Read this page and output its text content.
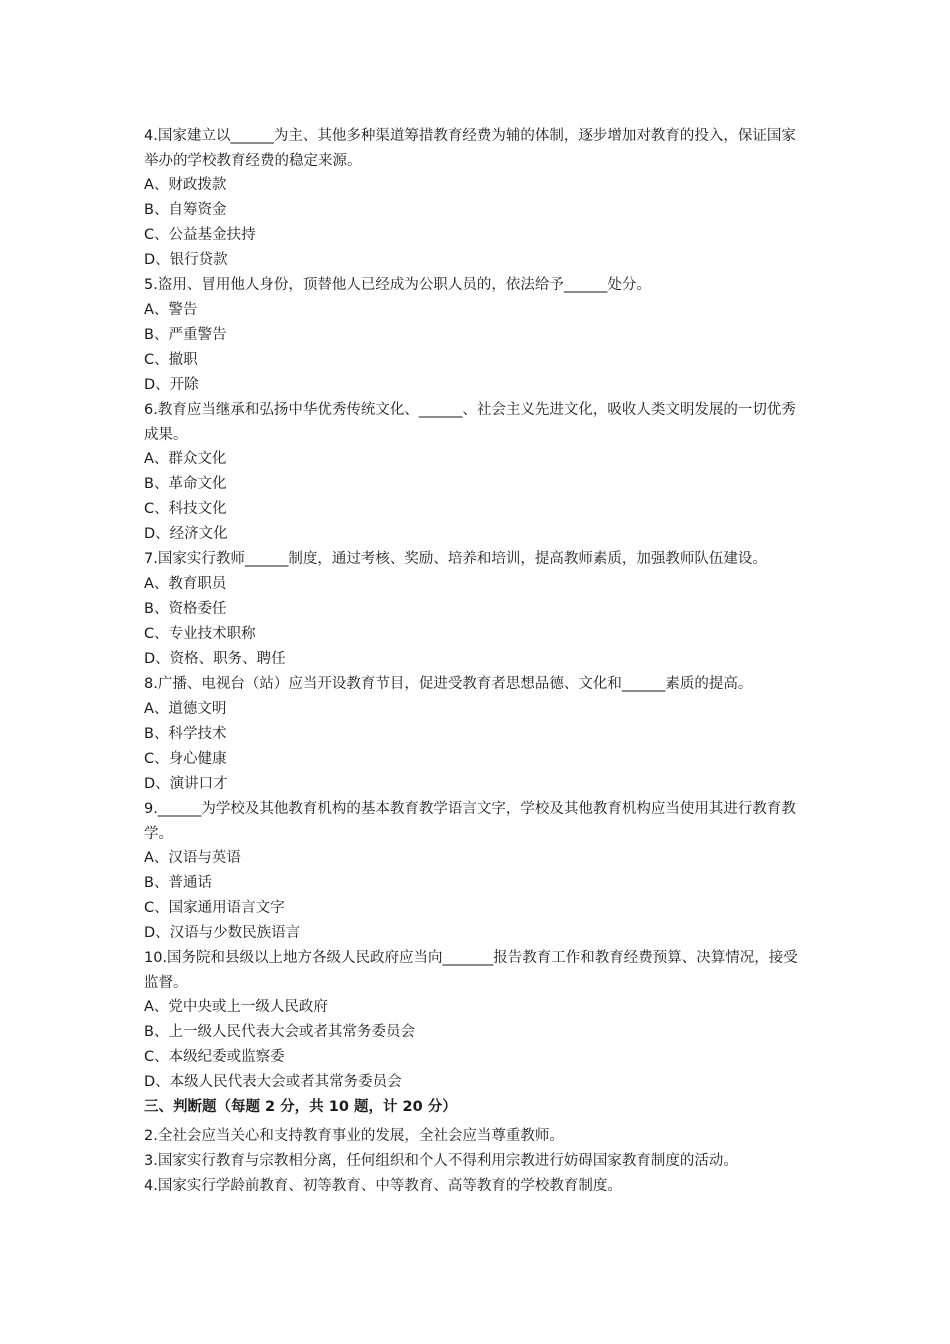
4.国家建立以______为主、其他多种渠道筹措教育经费为辅的体制，逐步增加对教育的投入，保证国家举办的学校教育经费的稳定来源。

A、财政拨款

B、自筹资金

C、公益基金扶持

D、银行贷款

5.盗用、冒用他人身份，顶替他人已经成为公职人员的，依法给予______处分。

A、警告

B、严重警告

C、撤职

D、开除

6.教育应当继承和弘扬中华优秀传统文化、______、社会主义先进文化，吸收人类文明发展的一切优秀成果。

A、群众文化

B、革命文化

C、科技文化

D、经济文化

7.国家实行教师______制度，通过考核、奖励、培养和培训，提高教师素质，加强教师队伍建设。

A、教育职员

B、资格委任

C、专业技术职称

D、资格、职务、聘任

8.广播、电视台（站）应当开设教育节目，促进受教育者思想品德、文化和______素质的提高。

A、道德文明

B、科学技术

C、身心健康

D、演讲口才

9.______为学校及其他教育机构的基本教育教学语言文字，学校及其他教育机构应当使用其进行教育教学。

A、汉语与英语

B、普通话

C、国家通用语言文字

D、汉语与少数民族语言

10.国务院和县级以上地方各级人民政府应当向_______报告教育工作和教育经费预算、决算情况，接受监督。

A、党中央或上一级人民政府

B、上一级人民代表大会或者其常务委员会

C、本级纪委或监察委

D、本级人民代表大会或者其常务委员会

三、判断题（每题 2 分，共 10 题，计 20 分）

2.全社会应当关心和支持教育事业的发展，全社会应当尊重教师。

3.国家实行教育与宗教相分离，任何组织和个人不得利用宗教进行妨碍国家教育制度的活动。

4.国家实行学龄前教育、初等教育、中等教育、高等教育的学校教育制度。
